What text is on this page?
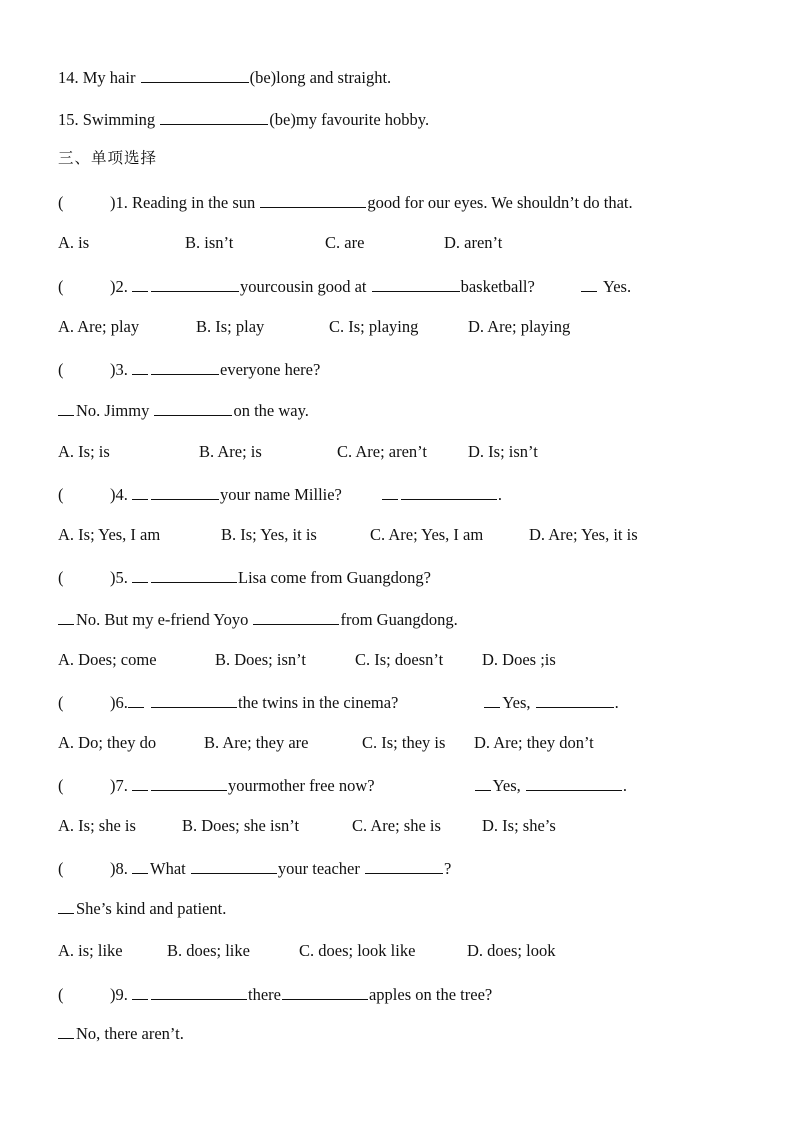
14.
My hair
	(be)long and straight.
15.
Swimming
	(be)my favourite hobby.
三、单项选择
(	)1.
Reading in the sun
	good for our eyes. We shouldn’t do that.
A. is	B. isn’t	C. are	D. aren’t
(	)2.
	yourcousin good at
	basketball?
	Yes.
A. Are; play	B. Is; play	C. Is; playing	D. Are; playing
(	)3.
	everyone here?
No. Jimmy
	on the way.
A. Is; is	B. Are; is	C. Are; aren’t D. Is; isn’t
(	)4.
	your name Millie?	.
A. Is; Yes, I am	B. Is; Yes, it is	C. Are; Yes, I am	D. Are; Yes, it is
(	)5.
	Lisa come from Guangdong?
No. But my e-friend Yoyo
	from Guangdong.
A. Does; come	B. Does; isn’t	C. Is; doesn’t D. Does ;is
(	)6.
	the twins in the cinema?	Yes,
	.
A. Do; they do	B. Are; they are	C. Is; they is D. Are; they don’t
(	)7.
	yourmother free now?	Yes,
	.
A. Is; she is	B. Does; she isn’t	C. Are; she is D. Is; she’s
(	)8.
What
	your teacher
	?
She’s kind and patient.
A. is; like	B. does; like	C. does; look like	D. does; look
(	)9.
	there	apples on the tree?
No, there aren’t.
